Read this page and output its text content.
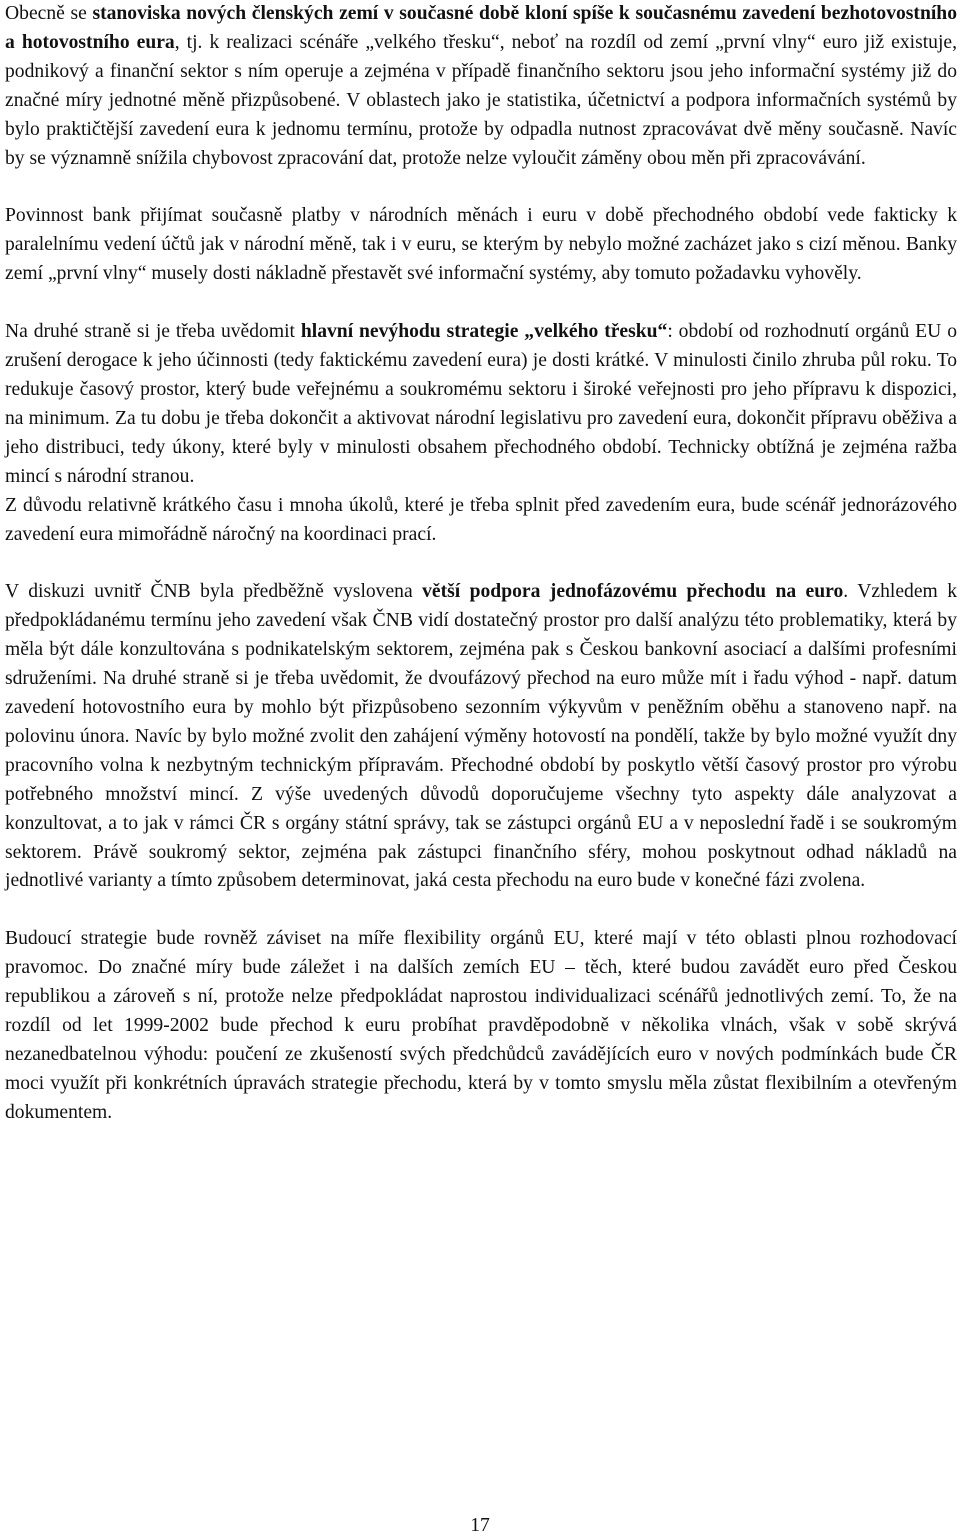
Obecně se stanoviska nových členských zemí v současné době kloní spíše k současnému zavedení bezhotovostního a hotovostního eura, tj. k realizaci scénáře „velkého třesku“, neboť na rozdíl od zemí „první vlny“ euro již existuje, podnikový a finanční sektor s ním operuje a zejména v případě finančního sektoru jsou jeho informační systémy již do značné míry jednotné měně přizpůsobené. V oblastech jako je statistika, účetnictví a podpora informačních systémů by bylo praktičtější zavedení eura k jednomu termínu, protože by odpadla nutnost zpracovávat dvě měny současně. Navíc by se významně snížila chybovost zpracování dat, protože nelze vyloučit záměny obou měn při zpracovávání.

Povinnost bank přijímat současně platby v národních měnách i euru v době přechodného období vede fakticky k paralelnímu vedení účtů jak v národní měně, tak i v euru, se kterým by nebylo možné zacházet jako s cizí měnou. Banky zemí „první vlny“ musely dosti nákladně přestavět své informační systémy, aby tomuto požadavku vyhověly.

Na druhé straně si je třeba uvědomit hlavní nevýhodu strategie „velkého třesku“: období od rozhodnutí orgánů EU o zrušení derogace k jeho účinnosti (tedy faktickému zavedení eura) je dosti krátké. V minulosti činilo zhruba půl roku. To redukuje časový prostor, který bude veřejnému a soukromému sektoru i široké veřejnosti pro jeho přípravu k dispozici, na minimum. Za tu dobu je třeba dokončit a aktivovat národní legislativu pro zavedení eura, dokončit přípravu oběživa a jeho distribuci, tedy úkony, které byly v minulosti obsahem přechodného období. Technicky obtížná je zejména ražba mincí s národní stranou.

Z důvodu relativně krátkého času i mnoha úkolů, které je třeba splnit před zavedením eura, bude scénář jednorázového zavedení eura mimořádně náročný na koordinaci prací.

V diskuzi uvnitř ČNB byla předběžně vyslovena větší podpora jednofázovému přechodu na euro. Vzhledem k předpokládanému termínu jeho zavedení však ČNB vidí dostatečný prostor pro další analýzu této problematiky, která by měla být dále konzultována s podnikatelským sektorem, zejména pak s Českou bankovní asociací a dalšími profesními sdruženími. Na druhé straně si je třeba uvědomit, že dvoufázový přechod na euro může mít i řadu výhod - např. datum zavedení hotovostního eura by mohlo být přizpůsobeno sezonním výkyvům v peněžním oběhu a stanoveno např. na polovinu února. Navíc by bylo možné zvolit den zahájení výměny hotovostí na pondělí, takže by bylo možné využít dny pracovního volna k nezbytným technickým přípravám. Přechodné období by poskytlo větší časový prostor pro výrobu potřebného množství mincí. Z výše uvedených důvodů doporučujeme všechny tyto aspekty dále analyzovat a konzultovat, a to jak v rámci ČR s orgány státní správy, tak se zástupci orgánů EU a v neposlední řadě i se soukromým sektorem. Právě soukromý sektor, zejména pak zástupci finančního sféry, mohou poskytnout odhad nákladů na jednotlivé varianty a tímto způsobem determinovat, jaká cesta přechodu na euro bude v konečné fázi zvolena.

Budoucí strategie bude rovněž záviset na míře flexibility orgánů EU, které mají v této oblasti plnou rozhodovací pravomoc. Do značné míry bude záležet i na dalších zemích EU – těch, které budou zavádět euro před Českou republikou a zároveň s ní, protože nelze předpokládat naprostou individualizaci scénářů jednotlivých zemí. To, že na rozdíl od let 1999-2002 bude přechod k euru probíhat pravděpodobně v několika vlnách, však v sobě skrývá nezanedbatelnou výhodu: poučení ze zkušeností svých předchůdců zavádějících euro v nových podmínkách bude ČR moci využít při konkrétních úpravách strategie přechodu, která by v tomto smyslu měla zůstat flexibilním a otevřeným dokumentem.

17
